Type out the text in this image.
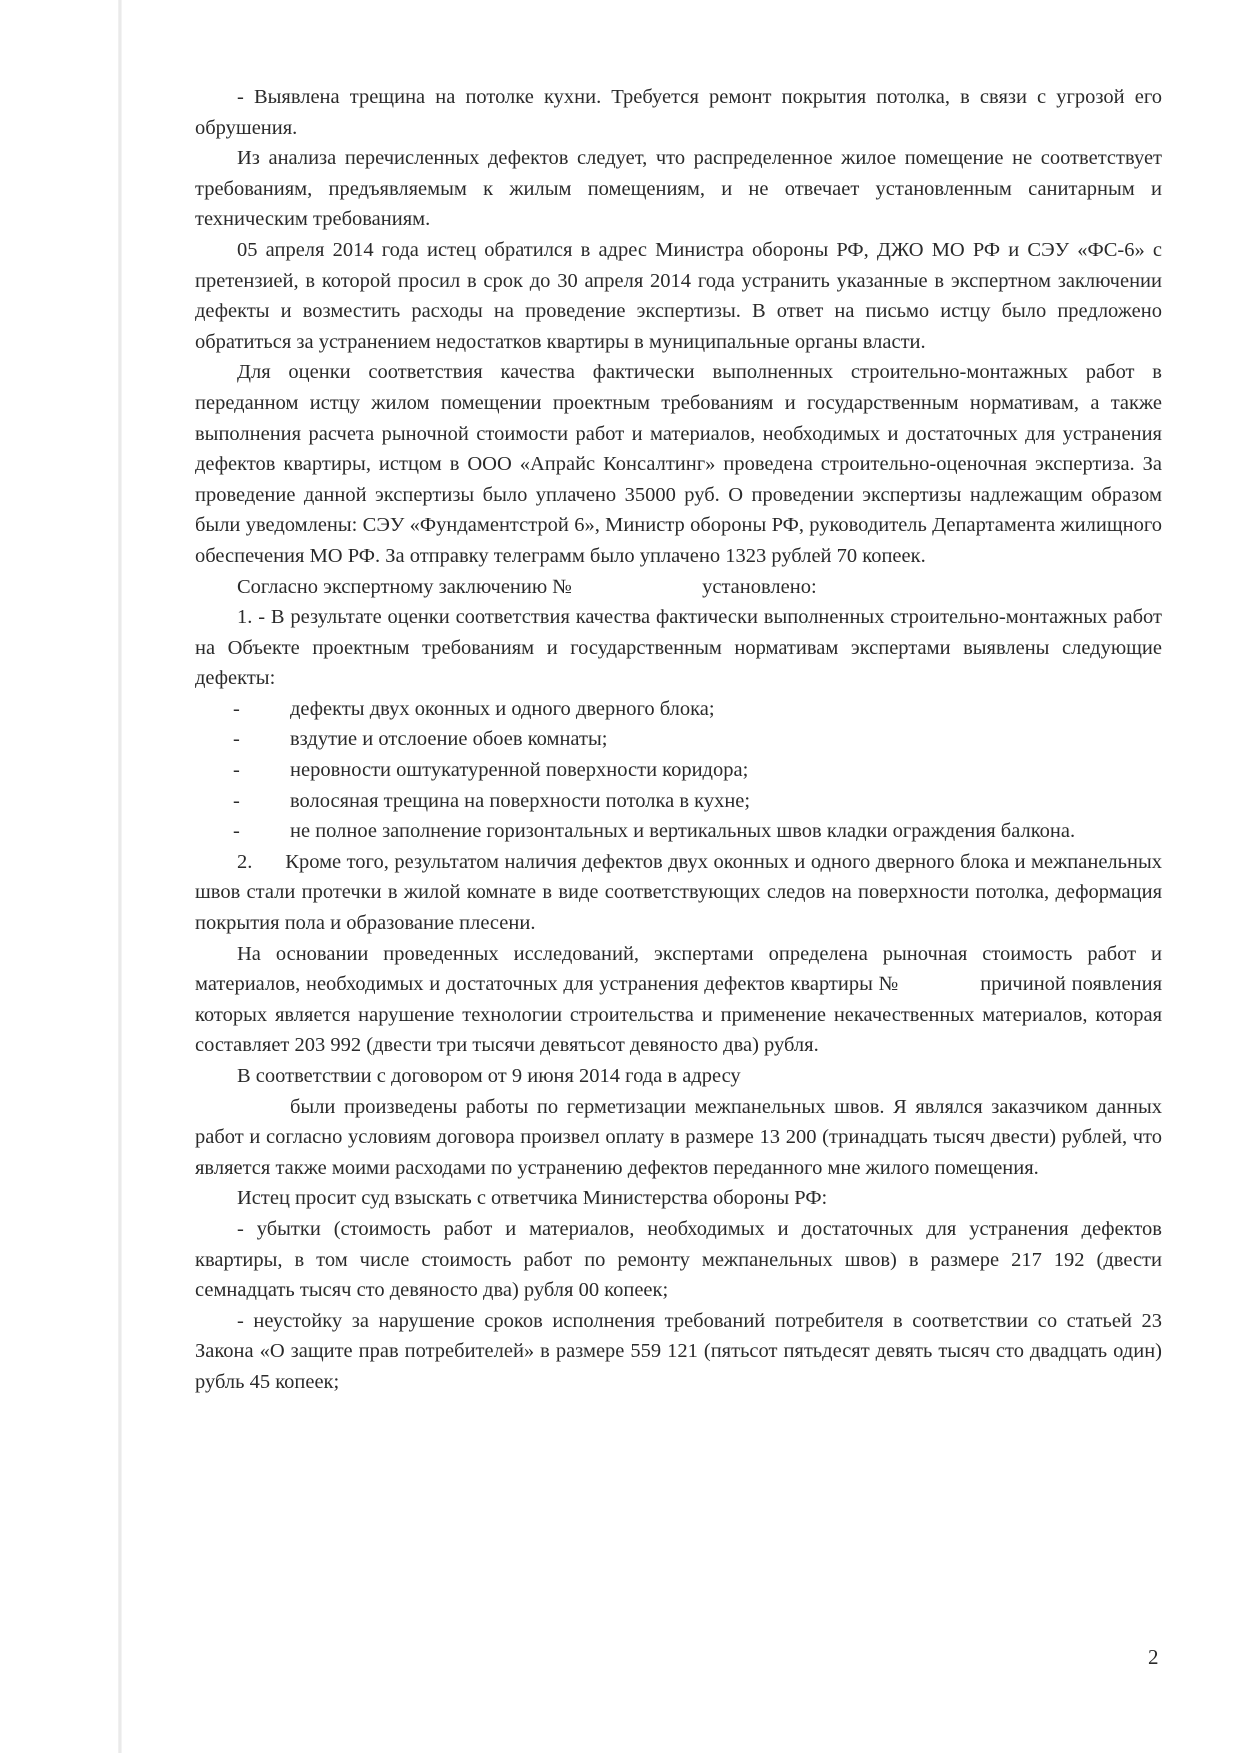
- Выявлена трещина на потолке кухни. Требуется ремонт покрытия потолка, в связи с угрозой его обрушения.

Из анализа перечисленных дефектов следует, что распределенное жилое помещение не соответствует требованиям, предъявляемым к жилым помещениям, и не отвечает установленным санитарным и техническим требованиям.

05 апреля 2014 года истец обратился в адрес Министра обороны РФ, ДЖО МО РФ и СЭУ «ФС-6» с претензией, в которой просил в срок до 30 апреля 2014 года устранить указанные в экспертном заключении дефекты и возместить расходы на проведение экспертизы. В ответ на письмо истцу было предложено обратиться за устранением недостатков квартиры в муниципальные органы власти.

Для оценки соответствия качества фактически выполненных строительно-монтажных работ в переданном истцу жилом помещении проектным требованиям и государственным нормативам, а также выполнения расчета рыночной стоимости работ и материалов, необходимых и достаточных для устранения дефектов квартиры, истцом в ООО «Апрайс Консалтинг» проведена строительно-оценочная экспертиза. За проведение данной экспертизы было уплачено 35000 руб. О проведении экспертизы надлежащим образом были уведомлены: СЭУ «Фундаментстрой 6», Министр обороны РФ, руководитель Департамента жилищного обеспечения МО РФ. За отправку телеграмм было уплачено 1323 рублей 70 копеек.

Согласно экспертному заключению №	установлено:

1. - В результате оценки соответствия качества фактически выполненных строительно-монтажных работ на Объекте проектным требованиям и государственным нормативам экспертами выявлены следующие дефекты:

- дефекты двух оконных и одного дверного блока;

- вздутие и отслоение обоев комнаты;

- неровности оштукатуренной поверхности коридора;

- волосяная трещина на поверхности потолка в кухне;

- не полное заполнение горизонтальных и вертикальных швов кладки ограждения балкона.

2.      Кроме того, результатом наличия дефектов двух оконных и одного дверного блока и межпанельных швов стали протечки в жилой комнате в виде соответствующих следов на поверхности потолка, деформация покрытия пола и образование плесени.

На основании проведенных исследований, экспертами определена рыночная стоимость работ и материалов, необходимых и достаточных для устранения дефектов квартиры №	причиной появления которых является нарушение технологии строительства и применение некачественных материалов, которая составляет 203 992 (двести три тысячи девятьсот девяносто два) рубля.

В соответствии с договором от 9 июня 2014 года в адресу

были произведены работы по герметизации межпанельных швов. Я являлся заказчиком данных работ и согласно условиям договора произвел оплату в размере 13 200 (тринадцать тысяч двести) рублей, что является также моими расходами по устранению дефектов переданного мне жилого помещения.

Истец просит суд взыскать с ответчика Министерства обороны РФ:

- убытки (стоимость работ и материалов, необходимых и достаточных для устранения дефектов квартиры, в том числе стоимость работ по ремонту межпанельных швов) в размере 217 192 (двести семнадцать тысяч сто девяносто два) рубля 00 копеек;

- неустойку за нарушение сроков исполнения требований потребителя в соответствии со статьей 23 Закона «О защите прав потребителей» в размере 559 121 (пятьсот пятьдесят девять тысяч сто двадцать один) рубль 45 копеек;

2
